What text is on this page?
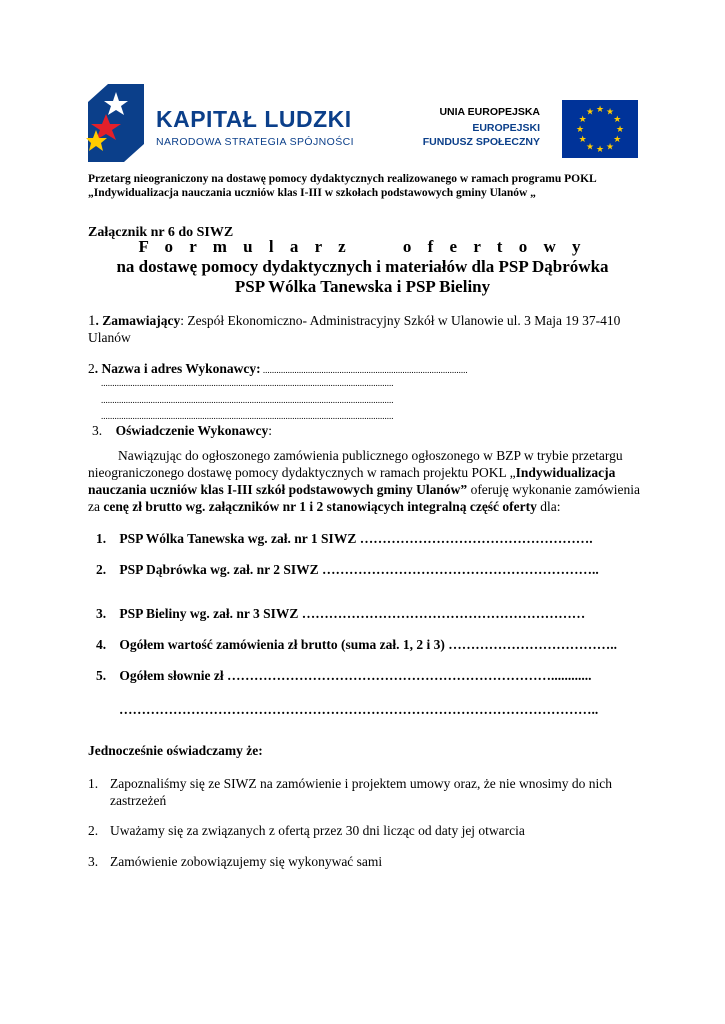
KAPITAŁ LUDZKI
NARODOWA STRATEGIA SPÓJNOŚCI
UNIA EUROPEJSKA
EUROPEJSKI
FUNDUSZ SPOŁECZNY
★ ★
★
★
★
★
★
★
★
★
★
★
Przetarg nieograniczony na dostawę pomocy dydaktycznych realizowanego w ramach programu POKL
„Indywidualizacja nauczania uczniów klas I-III w szkołach podstawowych gminy Ulanów „
Załącznik nr 6 do SIWZ
F o r m u l a r z     o f e r t o w y
na dostawę pomocy dydaktycznych i materiałów dla PSP Dąbrówka
PSP Wólka Tanewska i PSP Bieliny
1. Zamawiający: Zespół Ekonomiczno- Administracyjny Szkół w Ulanowie ul. 3 Maja 19 37-410
Ulanów
2. Nazwa i adres Wykonawcy: ...........................................................................................
..................................................................................................................................
..................................................................................................................................
..................................................................................................................................
3. Oświadczenie Wykonawcy:
Nawiązując do ogłoszonego zamówienia publicznego ogłoszonego w BZP w trybie przetargu
nieograniczonego dostawę pomocy dydaktycznych w ramach projektu POKL „Indywidualizacja
nauczania uczniów klas I-III szkół podstawowych gminy Ulanów” oferuję wykonanie zamówienia
za cenę zł brutto wg. załączników nr 1 i 2 stanowiących integralną część oferty dla:
1. PSP Wólka Tanewska wg. zał. nr 1 SIWZ …………………………………………….
2. PSP Dąbrówka wg. zał. nr 2 SIWZ ……………………………………………………..
3. PSP Bieliny wg. zał. nr 3 SIWZ ………………………………………………………
4. Ogółem wartość zamówienia zł brutto (suma zał. 1, 2 i 3) ………………………………..
5. Ogółem słownie zł ………………………………………………………………............
……………………………………………………………………………………………..
Jednocześnie oświadczamy że:
1. Zapoznaliśmy się ze SIWZ na zamówienie i projektem umowy oraz, że nie wnosimy do nich
zastrzeżeń
2. Uważamy się za związanych z ofertą przez 30 dni licząc od daty jej otwarcia
3. Zamówienie zobowiązujemy się wykonywać sami
